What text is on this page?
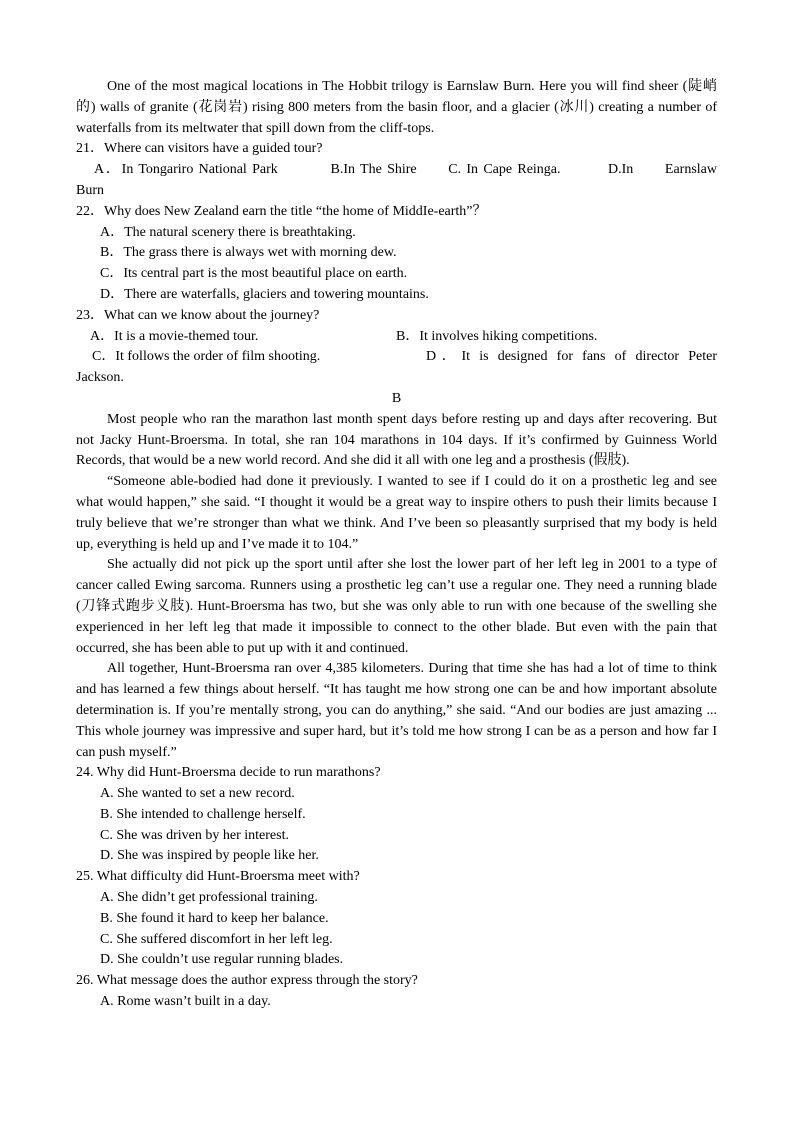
One of the most magical locations in The Hobbit trilogy is Earnslaw Burn. Here you will find sheer (陡峭的) walls of granite (花岗岩) rising 800 meters from the basin floor, and a glacier (冰川) creating a number of waterfalls from its meltwater that spill down from the cliff-tops.

21．Where can visitors have a guided tour?

A．In Tongariro National Park          B.In The Shire      C. In Cape Reinga.         D.In      Earnslaw

Burn

22．Why does New Zealand earn the title “the home of MiddIe-earth”？

A．The natural scenery there is breathtaking.

B．The grass there is always wet with morning dew.

C．Its central part is the most beautiful place on earth.

D．There are waterfalls, glaciers and towering mountains.

23．What can we know about the journey?

A．It is a movie-themed tour.	B．It involves hiking competitions.
C．It follows the order of film shooting.	D．It is designed for fans of director Peter

Jackson.

B

Most people who ran the marathon last month spent days before resting up and days after recovering. But not Jacky Hunt-Broersma. In total, she ran 104 marathons in 104 days. If it’s confirmed by Guinness World Records, that would be a new world record. And she did it all with one leg and a prosthesis (假肢).

“Someone able-bodied had done it previously. I wanted to see if I could do it on a prosthetic leg and see what would happen,” she said. “I thought it would be a great way to inspire others to push their limits because I truly believe that we’re stronger than what we think. And I’ve been so pleasantly surprised that my body is held up, everything is held up and I’ve made it to 104.”

She actually did not pick up the sport until after she lost the lower part of her left leg in 2001 to a type of cancer called Ewing sarcoma. Runners using a prosthetic leg can’t use a regular one. They need a running blade (刀锋式跑步义肢). Hunt-Broersma has two, but she was only able to run with one because of the swelling she experienced in her left leg that made it impossible to connect to the other blade. But even with the pain that occurred, she has been able to put up with it and continued.

All together, Hunt-Broersma ran over 4,385 kilometers. During that time she has had a lot of time to think and has learned a few things about herself. “It has taught me how strong one can be and how important absolute determination is. If you’re mentally strong, you can do anything,” she said. “And our bodies are just amazing ... This whole journey was impressive and super hard, but it’s told me how strong I can be as a person and how far I can push myself.”

24. Why did Hunt-Broersma decide to run marathons?

A. She wanted to set a new record.

B. She intended to challenge herself.

C. She was driven by her interest.

D. She was inspired by people like her.

25. What difficulty did Hunt-Broersma meet with?

A. She didn’t get professional training.

B. She found it hard to keep her balance.

C. She suffered discomfort in her left leg.

D. She couldn’t use regular running blades.

26. What message does the author express through the story?

A. Rome wasn’t built in a day.
